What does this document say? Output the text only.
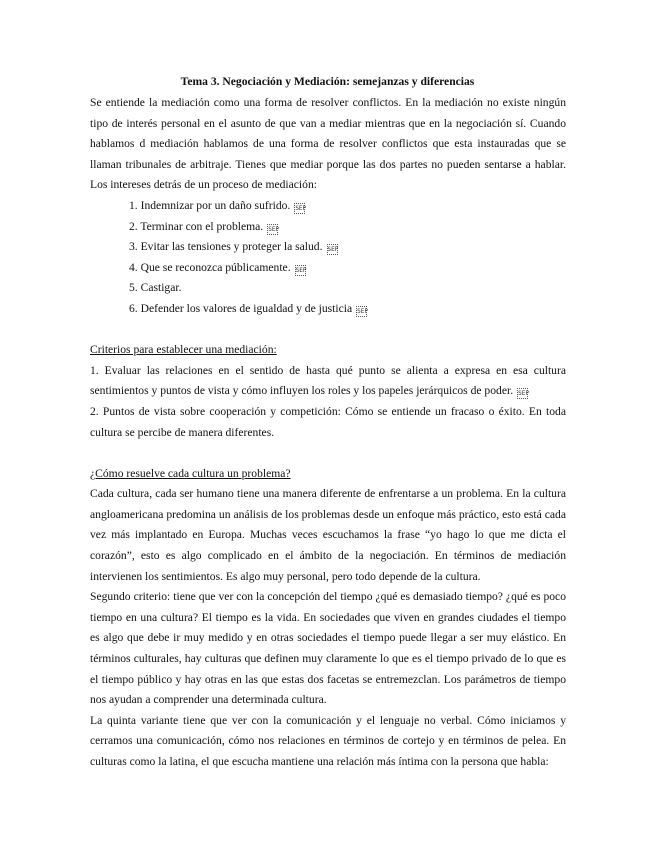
Tema 3. Negociación y Mediación: semejanzas y diferencias

Se entiende la mediación como una forma de resolver conflictos. En la mediación no existe ningún tipo de interés personal en el asunto de que van a mediar mientras que en la negociación sí. Cuando hablamos d mediación hablamos de una forma de resolver conflictos que esta instauradas que se llaman tribunales de arbitraje. Tienes que mediar porque las dos partes no pueden sentarse a hablar. Los intereses detrás de un proceso de mediación:

1. Indemnizar por un daño sufrido. SEP
2. Terminar con el problema. SEP
3. Evitar las tensiones y proteger la salud. SEP
4. Que se reconozca públicamente. SEP
5. Castigar.
6. Defender los valores de igualdad y de justicia SEP

Criterios para establecer una mediación:

1. Evaluar las relaciones en el sentido de hasta qué punto se alienta a expresa en esa cultura sentimientos y puntos de vista y cómo influyen los roles y los papeles jerárquicos de poder. SEP

2. Puntos de vista sobre cooperación y competición: Cómo se entiende un fracaso o éxito. En toda cultura se percibe de manera diferentes.

¿Cómo resuelve cada cultura un problema?

Cada cultura, cada ser humano tiene una manera diferente de enfrentarse a un problema. En la cultura angloamericana predomina un análisis de los problemas desde un enfoque más práctico, esto está cada vez más implantado en Europa. Muchas veces escuchamos la frase “yo hago lo que me dicta el corazón”, esto es algo complicado en el ámbito de la negociación. En términos de mediación intervienen los sentimientos. Es algo muy personal, pero todo depende de la cultura.

Segundo criterio: tiene que ver con la concepción del tiempo ¿qué es demasiado tiempo? ¿qué es poco tiempo en una cultura? El tiempo es la vida. En sociedades que viven en grandes ciudades el tiempo es algo que debe ir muy medido y en otras sociedades el tiempo puede llegar a ser muy elástico. En términos culturales, hay culturas que definen muy claramente lo que es el tiempo privado de lo que es el tiempo público y hay otras en las que estas dos facetas se entremezclan. Los parámetros de tiempo nos ayudan a comprender una determinada cultura.

La quinta variante tiene que ver con la comunicación y el lenguaje no verbal. Cómo iniciamos y cerramos una comunicación, cómo nos relaciones en términos de cortejo y en términos de pelea. En culturas como la latina, el que escucha mantiene una relación más íntima con la persona que habla:
